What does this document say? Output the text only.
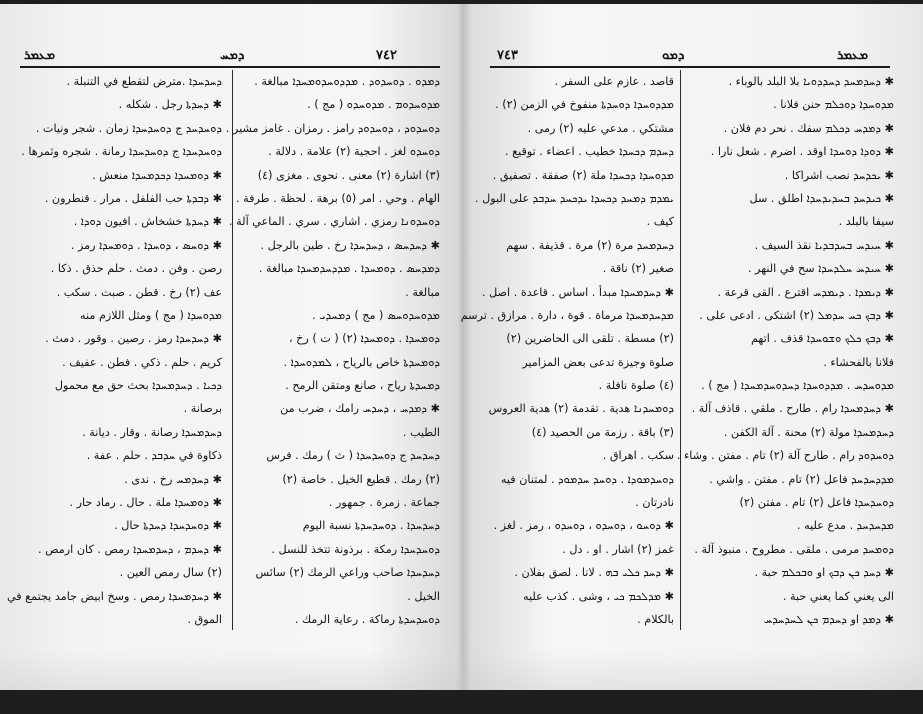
ܡܥܡܪ	ܕܡܚ	٧٤٢
ܕܚܕܚܕܐ .مترض لتقطع في التنبلة .
✱ ܕܚܕܬܐ رجل . شكله .
ܕܘܚܕܚܕ ج ܕܘܚܕܚܕܐ زمان . شجر ونيات .
ܕܘܚܕܚܕܐ ج ܕܘܚܕܚܕܐ رمانة . شجره وثمرها .
✱ ܕܘܡܚܕܐ ܕܟܕܡܚܕܐ منعش .
✱ ܕܒܕܬܐ حب الفلفل . مرار . قنطرون .
✱ ܕܚܕܬܐ خشخاش . افيون ܕܘܕܐ .
✱ ܕܘܚܣ ، ܕܘܚܕܐ . ܕܘܡܚܕܐ رمز .
رصن . وفن . دمث . حلم حذق . ذكا .
عف (٢) رخ . قطن . صبت . سكب .
ܡܕܘܚܕܐ ( مج ) ومثل اللازم منه
✱ ܕܚܕܚܕܐ رمز . رصين . وقور . دمث .
كريم . حلم . ذكي . فطن . عفيف .
ܕܟܝܐ . ܕܚܕܡܚܕܐ بحث حق مع محمول
برصانة .
ܕܚܕܡܚܕܐ رصانة . وقار . ديانة .
ذكاوة في ܚܕܒܕ . حلم . عفة .
✱ ܕܚܕܡܚ رخ . ندى .
✱ ܕܘܡܚܕܐ ملة . حال . رماد حار .
✱ ܕܘܚܕܚܕܐ ܕܚܕܬܐ حال .
✱ ܕܚܕܡ ، ܕܚܕܡܚܕܐ رمص . كان ارمص .
(٢) سال رمص العين .
✱ ܕܚܕܡܚܕܐ رمص . وسخ ابيض جامد يجتمع في
الموق .
ܕܡܕܘ . ܕܘܚܕܘܕ . ܡܕܕܘܚܕܘܡܚܕܐ مبالغة .
ܡܕܘܚܕܘܡ . ܡܕܘܚܕܘ ( مج ) .
ܕܘܚܕܘܕ ، ܕܘܚܕܘܕ رامز . رمزان . غامز مشير .
ܕܘܚܕܘ لغز . احجية (٢) علامة . دلالة .
(٣) اشارة (٢) معنى . نحوى . مغزى (٤)
الهام . وحي . امر (٥) برهة . لحظة . طرفة .
ܕܘܚܕܘܢܐ رمزي . اشاري . سري . الماعي آلة .
✱ ܕܚܕܚܣ ، ܕܚܕܚܕܐ رخ . طين بالرجل .
ܕܡܕܚܣ . ܕܘܡܚܕܐ . ܡܕܕܚܕܡܚܕܐ مبالغة .
مبالغة .
ܡܕܘܚܕܘܚܣ ( مج ) ܕܡܚܕܝ .
ܕܘܡܚܕܐ . ܕܘܡܚܕܐ (٢) ( ت ) رخ ،
ܕܘܡܚܕܬܐ خاص بالرياح ، ܠܡܕܘܚܕܐ .
ܕܡܚܕܬܐ رياح ، صانع ومتقن الرمح .
✱ ܕܡܕܚ ، ܕܚܕܚ رامك ، ضرب من
الطيب .
ܕܚܕܚܕ ج ܕܘܚܕܚܕܐ ( ث ) رمك . فرس
(٢) رمك . قطيع الخيل . خاصة (٢)
جماعة . زمرة . جمهور .
ܕܚܕܚܕܐ . ܕܘܚܕܚܕܬܐ نسبة اليوم
ܕܘܚܕܚܕܐ رمكة . برذونة تتخذ للنسل .
ܕܚܕܚܕܐ صاحب وراعي الرمك (٢) سائس
الخيل .
ܕܘܚܕܚܕܬܐ رماكة . رعاية الرمك .
٧٤٣	ܕܡܘ	ܡܥܡܪ
قاصد . عازم على السفر .
ܡܕܕܘܚܕܐ ܕܘܚܕܬܐ منفوخ في الزمن (٢) .
مشتكي . مدعي عليه (٢) رمى .
ܕܚܕܡ ܕܟܚܕܐ خطيب . اعضاء . توقيع .
ܡܕܘܚܕܐ ܕܟܚܕܐ ملة (٢) صفقة . تصفيق .
ܝܡܕܡ ܕܡܚܕ ܕܟܚܕܐ ܝܕܟܚܕ ܚܕܒܕ على البول .
كيف .
ܕܚܕܡܚܕ مرة (٢) مرة . قذيفة . سهم
صغير (٢) ناقة .
✱ ܕܚܕܡܚܕܐ مبدأ . اساس . قاعدة . اصل .
ܡܕܚܕܡܚܕܐ مرماة . قوة ، دارة . مرازق . ترسم
(٢) مسطة . تلقى الى الحاضرين (٢)
صلوة وجيزة تدعى بعض المزامير
(٤) صلوة نافلة .
ܕܘܡܚܕܢܐ هدية . تقدمة (٢) هدية العروس
(٣) باقة . رزمة من الحصيد (٤)
سكب . اهراق .
ܕܘܚܕܡܘܕܐ . ܕܘܚܕ ܚܕܡܘܕ . لمتنان فيه
نادرتان .
✱ ܕܘܚܘ ، ܕܘܚܕܘ ، ܕܘܚܕܘ ، رمز . لغز .
غمز (٢) اشار . او . دل .
✱ ܕܚܕ ܟܠܝ ܒܗ . لانا . لصق بفلان .
✱ ܡܕܠܟܡ ܟܝ ، وشى . كذب عليه
بالكلام .
✱ ܕܚܕܡܚܕ ܕܚܕܕܘܝܐ بلا البلد بالوباء .
ܡܕܘܚܕܐ ܕܘܟܠܡ حنن فلانا .
✱ ܕܡܕܚ ܕܟܠܡ سفك . نحر دم فلان .
✱ ܕܘܕܐ ܕܘܚܕܐ اوقد . اضرم . شعل نارا .
✱ ܝܟܕܚܕ نصب اشراكا .
✱ ܟܝܕܚܕ ܒܚܕܝܕܚܕܐ اطلق . سل
سيفا بالبلد .
✱ ܚܝܕܚ ܒܚܕܒܕܝܐ نقذ السيف .
✱ ܚܝܕܚ ܚܠܕܚܕܐ سح في النهر .
✱ ܕܝܡܕܐ . ܕܝܡܕܚ اقترع . القى قرعة .
✱ ܕܒܟ ܟܚ ܚܕܡܠ (٢) اشتكى . ادعى على .
✱ ܕܒܟ ܟܠܟ ܘܫܘܚܕܐ قذف . اتهم
فلانا بالفحشاء .
ܡܕܘܚܕܚ . ܡܕܕܘܚܕܐ ܕܚܕܘܚܕܡܚܕܐ ( مج ) .
✱ ܕܚܕܡܚܕܐ رام . طارح . ملقي . قاذف آلة .
ܕܚܕܡܚܕܐ مولة (٢) محنة . آلة الكفن .
ܕܘܚܕܘܕ رام . طارح آلة (٢) تام . مفتن . وشاء .
ܡܕܕܚܕܚܕ فاعل (٢) تام . مفتن . واشي .
ܕܘܚܕܚܕܐ فاعل (٢) تام . مفتن (٢)
ܡܕܚܕܚܕ . مدع عليه .
ܕܘܡܚܕ مرمى . ملقى . مطروح . منبوذ آلة .
✱ ܕܚܕ ܟܢ ܕܒܟ او ܘܒܟܠܡ حبة .
الى يعني كما يعني حبة .
✱ ܕܡܕ او ܕܚܕܡ ܟܢ ܠܚܕܚܕܚ
